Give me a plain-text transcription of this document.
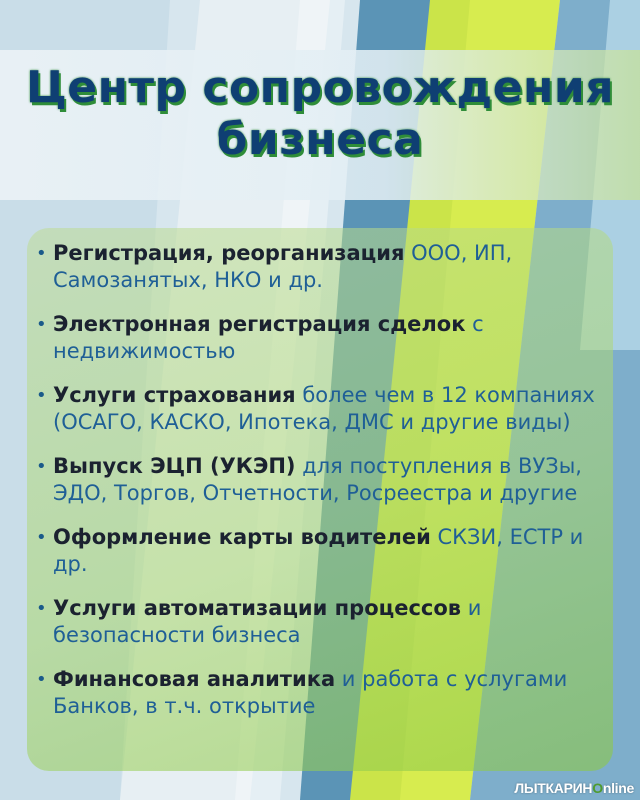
Центр сопровождения
бизнеса
• Регистрация, реорганизация ООО, ИП, Самозанятых, НКО и др.
• Электронная регистрация сделок с недвижимостью
• Услуги страхования более чем в 12 компаниях (ОСАГО, КАСКО, Ипотека, ДМС и другие виды)
• Выпуск ЭЦП (УКЭП) для поступления в ВУЗы, ЭДО, Торгов, Отчетности, Росреестра и другие
• Оформление карты водителей СКЗИ, ЕСТР и др.
• Услуги автоматизации процессов и безопасности бизнеса
• Финансовая аналитика и работа с услугами Банков, в т.ч. открытие
ЛЫТКАРИНOnline
